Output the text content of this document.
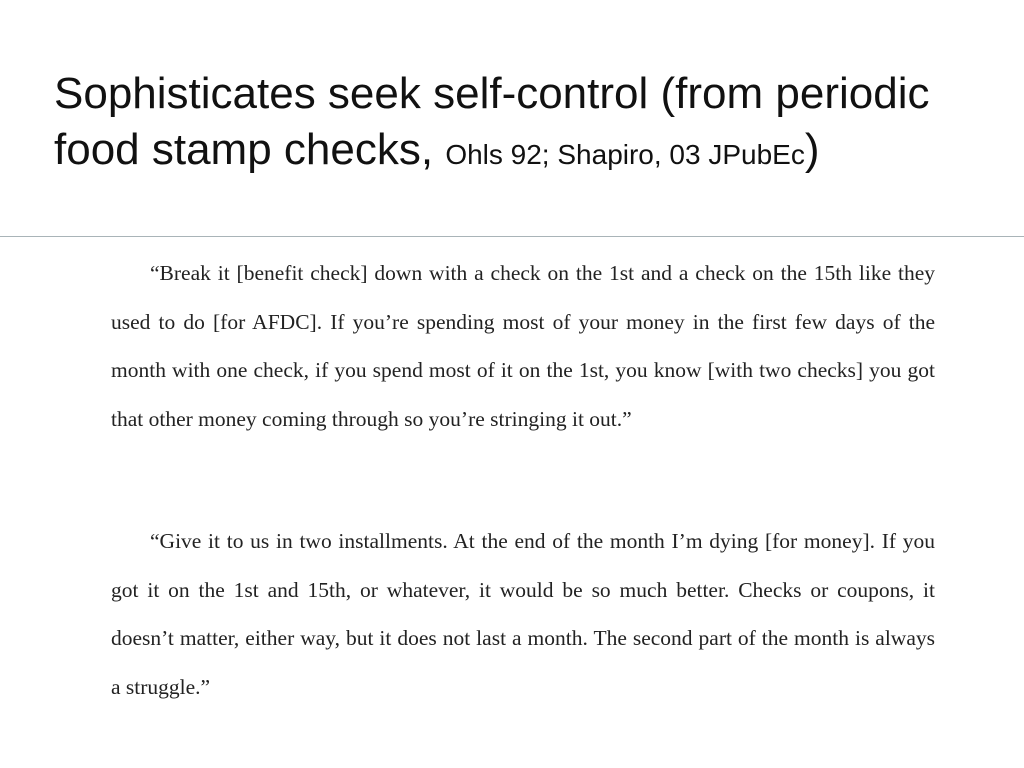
Sophisticates seek self-control (from periodic food stamp checks, Ohls 92; Shapiro, 03 JPubEc)

“Break it [benefit check] down with a check on the 1st and a check on the 15th like they used to do [for AFDC]. If you’re spending most of your money in the first few days of the month with one check, if you spend most of it on the 1st, you know [with two checks] you got that other money coming through so you’re stringing it out.”

“Give it to us in two installments. At the end of the month I’m dying [for money]. If you got it on the 1st and 15th, or whatever, it would be so much better. Checks or coupons, it doesn’t matter, either way, but it does not last a month. The second part of the month is always a struggle.”
